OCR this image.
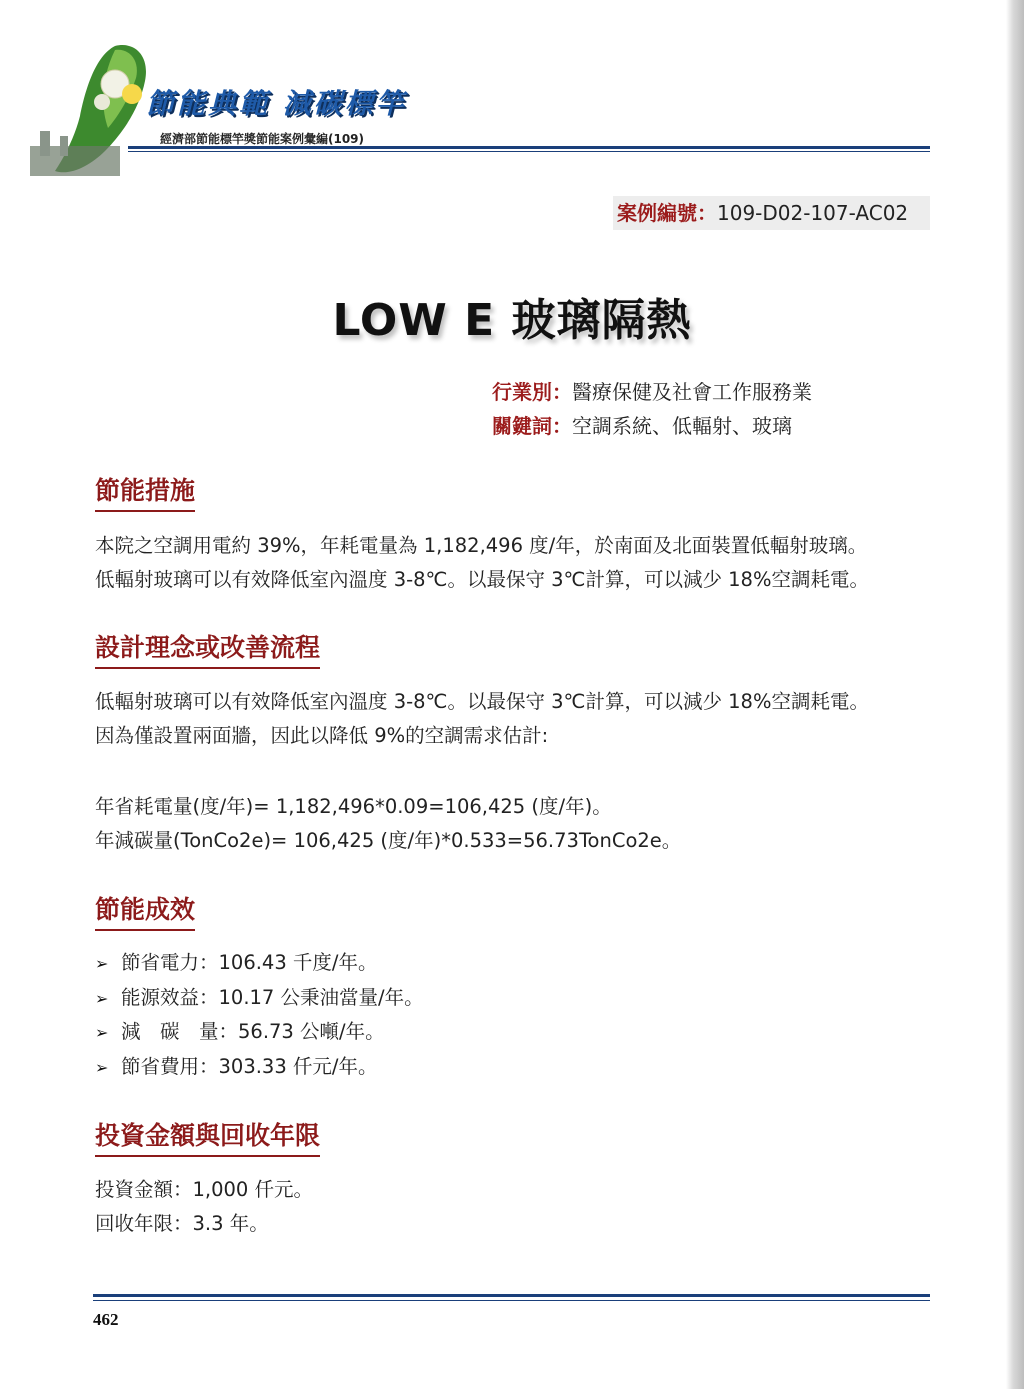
節能典範 減碳標竿
經濟部節能標竿獎節能案例彙編(109)
案例編號：109-D02-107-AC02
LOW E 玻璃隔熱
行業別：醫療保健及社會工作服務業
關鍵詞：空調系統、低輻射、玻璃
節能措施
本院之空調用電約 39%，年耗電量為 1,182,496 度/年，於南面及北面裝置低輻射玻璃。
低輻射玻璃可以有效降低室內溫度 3-8℃。以最保守 3℃計算，可以減少 18%空調耗電。
設計理念或改善流程
低輻射玻璃可以有效降低室內溫度 3-8℃。以最保守 3℃計算，可以減少 18%空調耗電。
因為僅設置兩面牆，因此以降低 9%的空調需求估計:
年省耗電量(度/年)= 1,182,496*0.09=106,425 (度/年)。
年減碳量(TonCo2e)= 106,425 (度/年)*0.533=56.73TonCo2e。
節能成效
➢ 節省電力：106.43 千度/年。
➢ 能源效益：10.17 公秉油當量/年。
➢ 減　碳　量：56.73 公噸/年。
➢ 節省費用：303.33 仟元/年。
投資金額與回收年限
投資金額：1,000 仟元。
回收年限：3.3 年。
462
